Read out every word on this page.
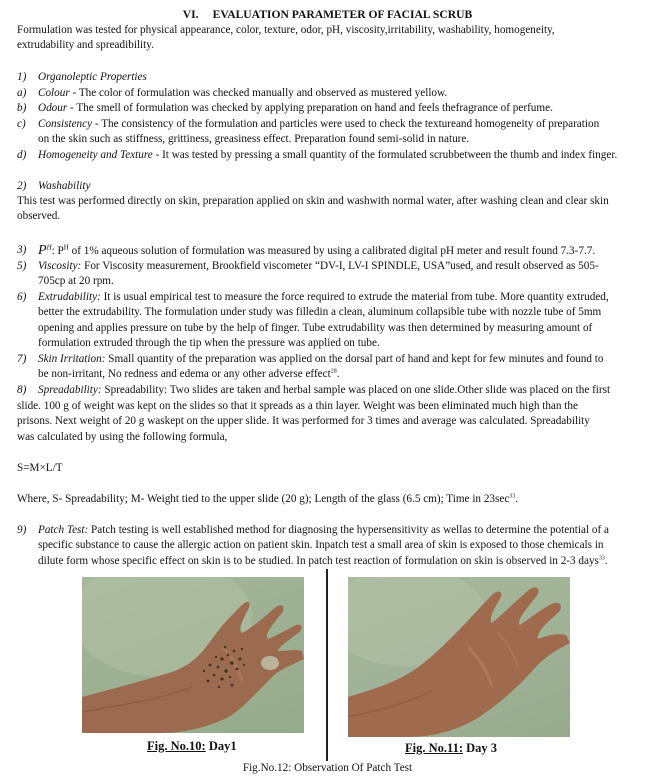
VI. EVALUATION PARAMETER OF FACIAL SCRUB
Formulation was tested for physical appearance, color, texture, odor, pH, viscosity,irritability, washability, homogeneity,
extrudability and spreadibility.
1)	Organoleptic Properties
a)	Colour - The color of formulation was checked manually and observed as mustered yellow.
b)	Odour - The smell of formulation was checked by applying preparation on hand and feels thefragrance of perfume.
c)	Consistency - The consistency of the formulation and particles were used to check the textureand homogeneity of preparation
on the skin such as stiffness, grittiness, greasiness effect. Preparation found semi-solid in nature.
d)	Homogeneity and Texture - It was tested by pressing a small quantity of the formulated scrubbetween the thumb and index finger.
2)	Washability
This test was performed directly on skin, preparation applied on skin and washwith normal water, after washing clean and clear skin
observed.
3) $P^H$: $P^H$ of 1% aqueous solution of formulation was measured by using a calibrated digital pH meter and result found 7.3-7.7.
5)	Viscosity: For Viscosity measurement, Brookfield viscometer “DV-I, LV-I SPINDLE, USA”used, and result observed as 505-
705cp at 20 rpm.
6)	Extrudability: It is usual empirical test to measure the force required to extrude the material from tube. More quantity extruded,
better the extrudability. The formulation under study was filledin a clean, aluminum collapsible tube with nozzle tube of 5mm
opening and applies pressure on tube by the help of finger. Tube extrudability was then determined by measuring amount of
formulation extruded through the tip when the pressure was applied on tube.
7)	Skin Irritation: Small quantity of the preparation was applied on the dorsal part of hand and kept for few minutes and found to
be non-irritant, No redness and edema or any other adverse effect$^{28}$.
8)	Spreadability: Spreadability: Two slides are taken and herbal sample was placed on one slide.Other slide was placed on the first
slide. 100 g of weight was kept on the slides so that it spreads as a thin layer. Weight was been eliminated much high than the
prisons. Next weight of 20 g waskept on the upper slide. It was performed for 3 times and average was calculated. Spreadability
was calculated by using the following formula,
S=M×L/T
Where, S- Spreadability; M- Weight tied to the upper slide (20 g); Length of the glass (6.5 cm); Time in $23\sec^{33}$.
9)	Patch Test: Patch testing is well established method for diagnosing the hypersensitivity as wellas to determine the potential of a
specific substance to cause the allergic action on patient skin. Inpatch test a small area of skin is exposed to those chemicals in
dilute form whose specific effect on skin is to be studied. In patch test reaction of formulation on skin is observed in 2-3 days$^{33}$.
Fig. No.10: Day1	Fig. No.11: Day 3
Fig.No.12: Observation Of Patch Test
